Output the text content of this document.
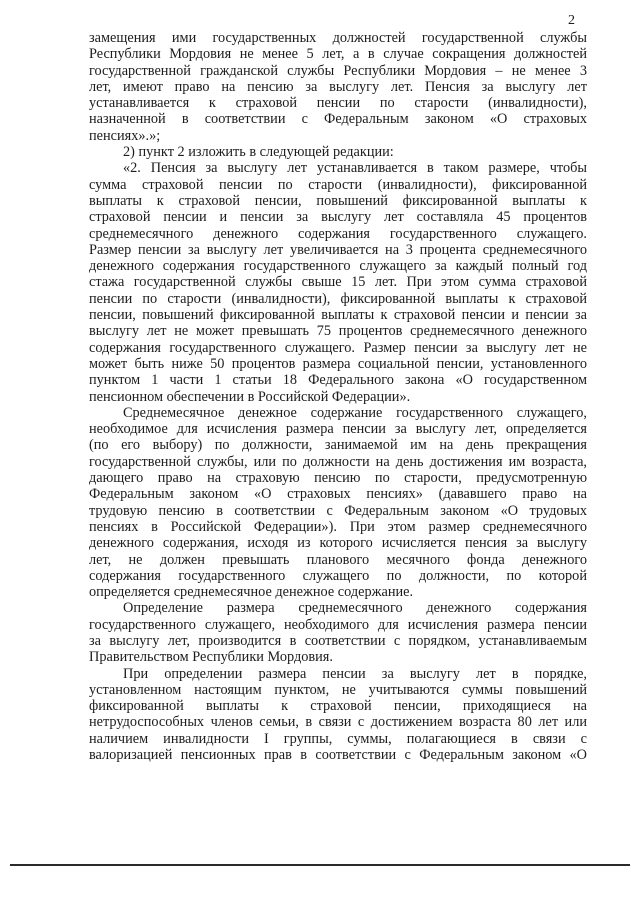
2
замещения ими государственных должностей государственной службы
Республики Мордовия не менее 5 лет, а в случае сокращения должностей
государственной гражданской службы Республики Мордовия – не менее 3
лет, имеют право на пенсию за выслугу лет. Пенсия за выслугу лет
устанавливается к страховой пенсии по старости (инвалидности),
назначенной в соответствии с Федеральным законом «О страховых
пенсиях».»;
2) пункт 2 изложить в следующей редакции:
«2. Пенсия за выслугу лет устанавливается в таком размере, чтобы
сумма страховой пенсии по старости (инвалидности), фиксированной
выплаты к страховой пенсии, повышений фиксированной выплаты к
страховой пенсии и пенсии за выслугу лет составляла 45 процентов
среднемесячного денежного содержания государственного служащего.
Размер пенсии за выслугу лет увеличивается на 3 процента среднемесячного
денежного содержания государственного служащего за каждый полный год
стажа государственной службы свыше 15 лет. При этом сумма страховой
пенсии по старости (инвалидности), фиксированной выплаты к страховой
пенсии, повышений фиксированной выплаты к страховой пенсии и пенсии за
выслугу лет не может превышать 75 процентов среднемесячного денежного
содержания государственного служащего. Размер пенсии за выслугу лет не
может быть ниже 50 процентов размера социальной пенсии, установленного
пунктом 1 части 1 статьи 18 Федерального закона «О государственном
пенсионном обеспечении в Российской Федерации».
Среднемесячное денежное содержание государственного служащего,
необходимое для исчисления размера пенсии за выслугу лет, определяется
(по его выбору) по должности, занимаемой им на день прекращения
государственной службы, или по должности на день достижения им возраста,
дающего право на страховую пенсию по старости, предусмотренную
Федеральным законом «О страховых пенсиях» (дававшего право на
трудовую пенсию в соответствии с Федеральным законом «О трудовых
пенсиях в Российской Федерации»). При этом размер среднемесячного
денежного содержания, исходя из которого исчисляется пенсия за выслугу
лет, не должен превышать планового месячного фонда денежного
содержания государственного служащего по должности, по которой
определяется среднемесячное денежное содержание.
Определение размера среднемесячного денежного содержания
государственного служащего, необходимого для исчисления размера пенсии
за выслугу лет, производится в соответствии с порядком, устанавливаемым
Правительством Республики Мордовия.
При определении размера пенсии за выслугу лет в порядке,
установленном настоящим пунктом, не учитываются суммы повышений
фиксированной выплаты к страховой пенсии, приходящиеся на
нетрудоспособных членов семьи, в связи с достижением возраста 80 лет или
наличием инвалидности I группы, суммы, полагающиеся в связи с
валоризацией пенсионных прав в соответствии с Федеральным законом «О
